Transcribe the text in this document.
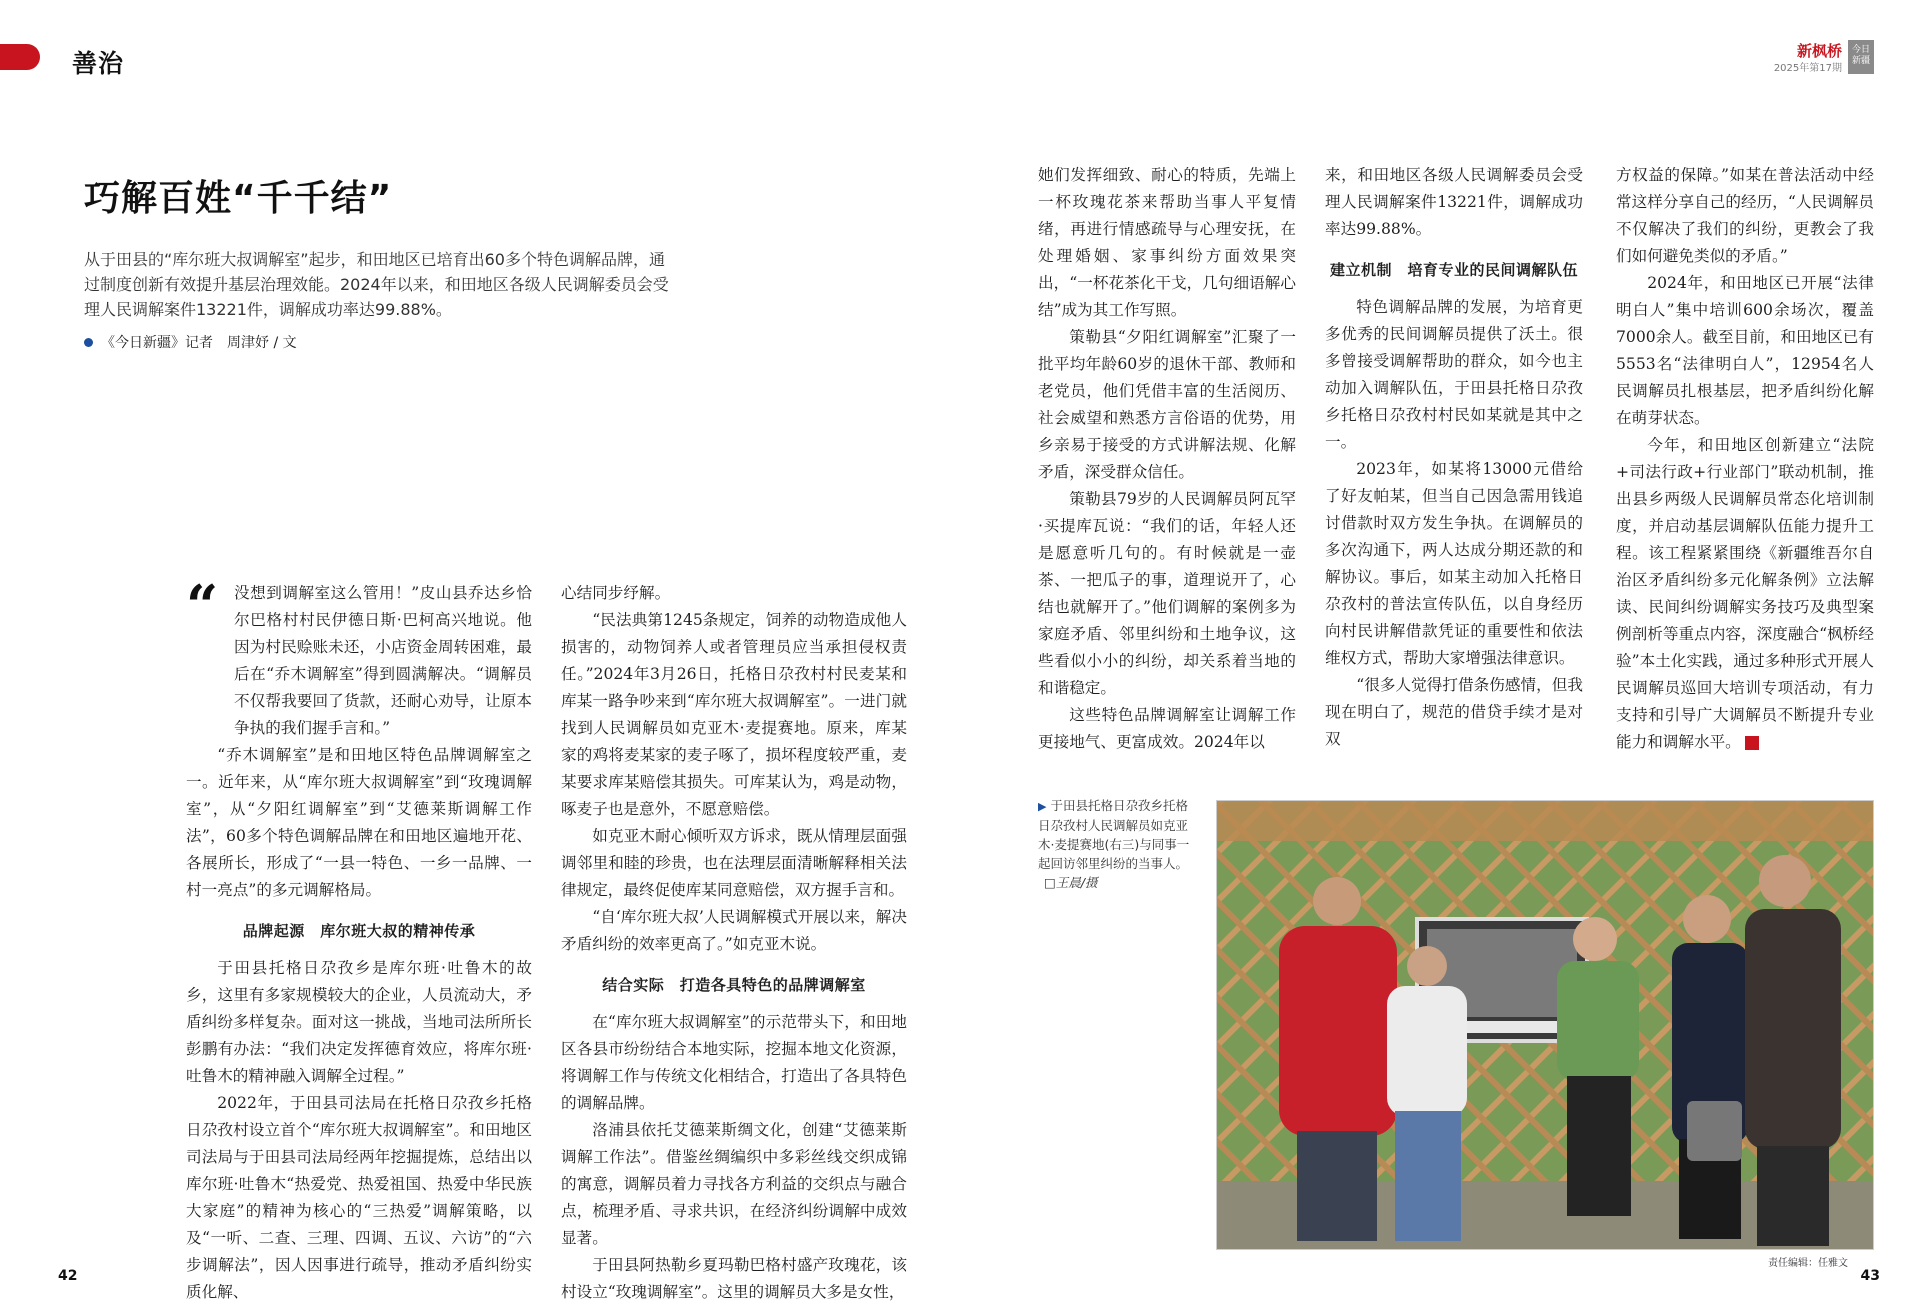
善治	新枫桥
2025年第17期
今日新疆
巧解百姓“千千结”

从于田县的“库尔班大叔调解室”起步，和田地区已培育出60多个特色调解品牌，通过制度创新有效提升基层治理效能。2024年以来，和田地区各级人民调解委员会受理人民调解案件13221件，调解成功率达99.88%。

《今日新疆》记者　周津妤 / 文
“	没想到调解室这么管用！”皮山县乔达乡恰尔巴格村村民伊德日斯·巴柯高兴地说。他因为村民赊账未还，小店资金周转困难，最后在“乔木调解室”得到圆满解决。“调解员不仅帮我要回了货款，还耐心劝导，让原本争执的我们握手言和。”

“乔木调解室”是和田地区特色品牌调解室之一。近年来，从“库尔班大叔调解室”到“玫瑰调解室”，从“夕阳红调解室”到“艾德莱斯调解工作法”，60多个特色调解品牌在和田地区遍地开花、各展所长，形成了“一县一特色、一乡一品牌、一村一亮点”的多元调解格局。

品牌起源　库尔班大叔的精神传承

于田县托格日尕孜乡是库尔班·吐鲁木的故乡，这里有多家规模较大的企业，人员流动大，矛盾纠纷多样复杂。面对这一挑战，当地司法所所长彭鹏有办法：“我们决定发挥德育效应，将库尔班·吐鲁木的精神融入调解全过程。”

2022年，于田县司法局在托格日尕孜乡托格日尕孜村设立首个“库尔班大叔调解室”。和田地区司法局与于田县司法局经两年挖掘提炼，总结出以库尔班·吐鲁木“热爱党、热爱祖国、热爱中华民族大家庭”的精神为核心的“三热爱”调解策略，以及“一听、二查、三理、四调、五议、六访”的“六步调解法”，因人因事进行疏导，推动矛盾纠纷实质化解、

心结同步纾解。

“民法典第1245条规定，饲养的动物造成他人损害的，动物饲养人或者管理员应当承担侵权责任。”2024年3月26日，托格日尕孜村村民麦某和库某一路争吵来到“库尔班大叔调解室”。一进门就找到人民调解员如克亚木·麦提赛地。原来，库某家的鸡将麦某家的麦子啄了，损坏程度较严重，麦某要求库某赔偿其损失。可库某认为，鸡是动物，啄麦子也是意外，不愿意赔偿。

如克亚木耐心倾听双方诉求，既从情理层面强调邻里和睦的珍贵，也在法理层面清晰解释相关法律规定，最终促使库某同意赔偿，双方握手言和。

“自‘库尔班大叔’人民调解模式开展以来，解决矛盾纠纷的效率更高了。”如克亚木说。

结合实际　打造各具特色的品牌调解室

在“库尔班大叔调解室”的示范带头下，和田地区各县市纷纷结合本地实际，挖掘本地文化资源，将调解工作与传统文化相结合，打造出了各具特色的调解品牌。

洛浦县依托艾德莱斯绸文化，创建“艾德莱斯调解工作法”。借鉴丝绸编织中多彩丝线交织成锦的寓意，调解员着力寻找各方利益的交织点与融合点，梳理矛盾、寻求共识，在经济纠纷调解中成效显著。

于田县阿热勒乡夏玛勒巴格村盛产玫瑰花，该村设立“玫瑰调解室”。这里的调解员大多是女性，

她们发挥细致、耐心的特质，先端上一杯玫瑰花茶来帮助当事人平复情绪，再进行情感疏导与心理安抚，在处理婚姻、家事纠纷方面效果突出，“一杯花茶化干戈，几句细语解心结”成为其工作写照。

策勒县“夕阳红调解室”汇聚了一批平均年龄60岁的退休干部、教师和老党员，他们凭借丰富的生活阅历、社会威望和熟悉方言俗语的优势，用乡亲易于接受的方式讲解法规、化解矛盾，深受群众信任。

策勒县79岁的人民调解员阿瓦罕·买提库瓦说：“我们的话，年轻人还是愿意听几句的。有时候就是一壶茶、一把瓜子的事，道理说开了，心结也就解开了。”他们调解的案例多为家庭矛盾、邻里纠纷和土地争议，这些看似小小的纠纷，却关系着当地的和谐稳定。

这些特色品牌调解室让调解工作更接地气、更富成效。2024年以

来，和田地区各级人民调解委员会受理人民调解案件13221件，调解成功率达99.88%。

建立机制　培育专业的民间调解队伍

特色调解品牌的发展，为培育更多优秀的民间调解员提供了沃土。很多曾接受调解帮助的群众，如今也主动加入调解队伍，于田县托格日尕孜乡托格日尕孜村村民如某就是其中之一。

2023年，如某将13000元借给了好友帕某，但当自己因急需用钱追讨借款时双方发生争执。在调解员的多次沟通下，两人达成分期还款的和解协议。事后，如某主动加入托格日尕孜村的普法宣传队伍，以自身经历向村民讲解借款凭证的重要性和依法维权方式，帮助大家增强法律意识。

“很多人觉得打借条伤感情，但我现在明白了，规范的借贷手续才是对双

方权益的保障。”如某在普法活动中经常这样分享自己的经历，“人民调解员不仅解决了我们的纠纷，更教会了我们如何避免类似的矛盾。”

2024年，和田地区已开展“法律明白人”集中培训600余场次，覆盖7000余人。截至目前，和田地区已有5553名“法律明白人”，12954名人民调解员扎根基层，把矛盾纠纷化解在萌芽状态。

今年，和田地区创新建立“法院+司法行政+行业部门”联动机制，推出县乡两级人民调解员常态化培训制度，并启动基层调解队伍能力提升工程。该工程紧紧围绕《新疆维吾尔自治区矛盾纠纷多元化解条例》立法解读、民间纠纷调解实务技巧及典型案例剖析等重点内容，深度融合“枫桥经验”本土化实践，通过多种形式开展人民调解员巡回大培训专项活动，有力支持和引导广大调解员不断提升专业能力和调解水平。

▶ 于田县托格日尕孜乡托格日尕孜村人民调解员如克亚木·麦提赛地(右三)与同事一起回访邻里纠纷的当事人。□王晨/摄
42	43
责任编辑：任雅文
